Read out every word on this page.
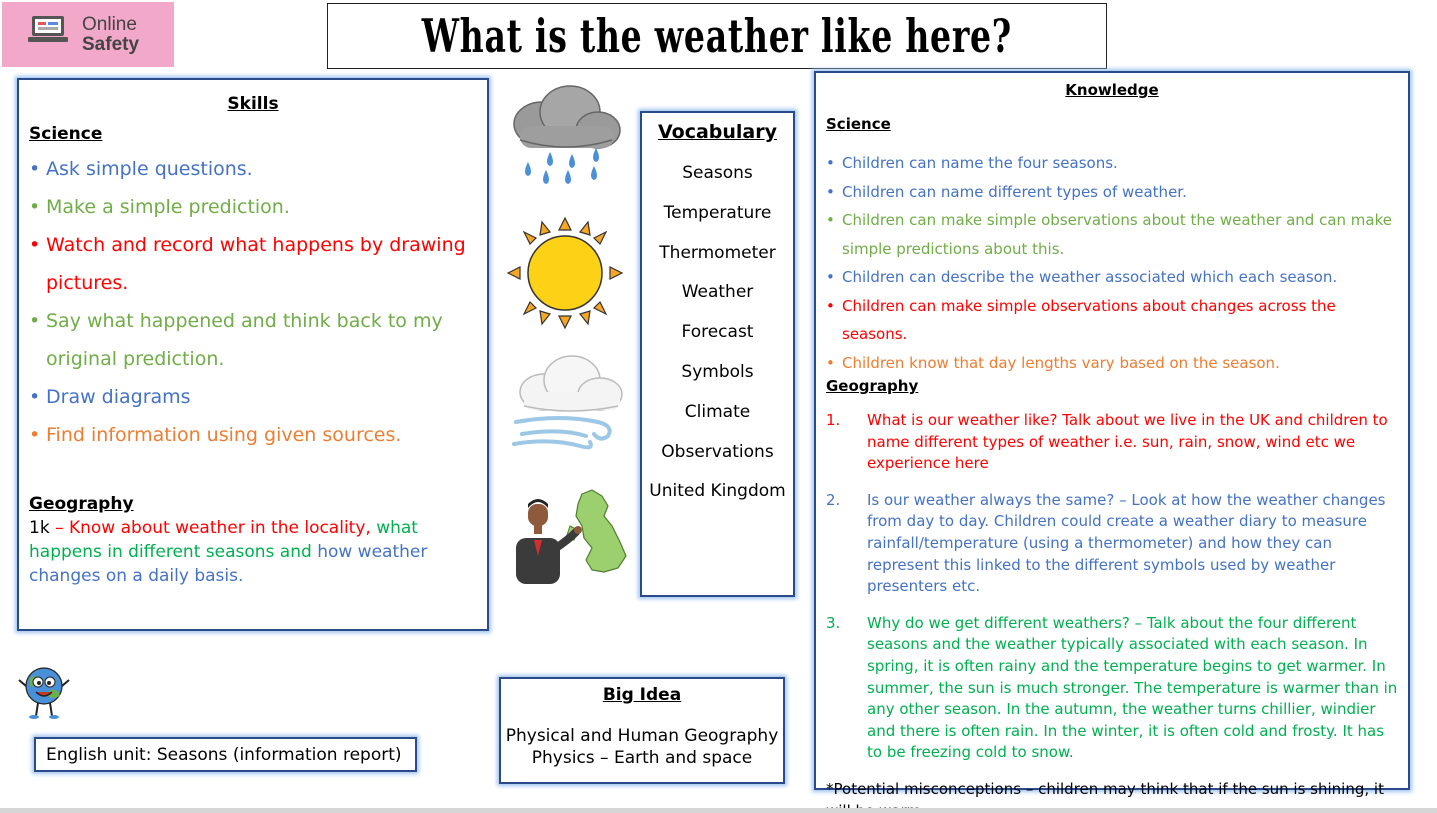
Online
Safety	What is the weather like here?
Skills
Science
• Ask simple questions.
• Make a simple prediction.
• Watch and record what happens by drawing pictures.
• Say what happened and think back to my original prediction.
• Draw diagrams
• Find information using given sources.
Geography
1k – Know about weather in the locality, what happens in different seasons and how weather changes on a daily basis.
Vocabulary
Seasons
Temperature
Thermometer
Weather
Forecast
Symbols
Climate
Observations
United Kingdom
Big Idea
Physical and Human Geography
Physics – Earth and space
English unit: Seasons (information report)
Knowledge
Science
• Children can name the four seasons.
• Children can name different types of weather.
• Children can make simple observations about the weather and can make simple predictions about this.
• Children can describe the weather associated which each season.
• Children can make simple observations about changes across the seasons.
• Children know that day lengths vary based on the season.
Geography
1. What is our weather like? Talk about we live in the UK and children to name different types of weather i.e. sun, rain, snow, wind etc we experience here
2. Is our weather always the same? – Look at how the weather changes from day to day. Children could create a weather diary to measure rainfall/temperature (using a thermometer) and how they can represent this linked to the different symbols used by weather presenters etc.
3. Why do we get different weathers? – Talk about the four different seasons and the weather typically associated with each season. In spring, it is often rainy and the temperature begins to get warmer. In summer, the sun is much stronger. The temperature is warmer than in any other season. In the autumn, the weather turns chillier, windier and there is often rain. In the winter, it is often cold and frosty. It has to be freezing cold to snow.
*Potential misconceptions – children may think that if the sun is shining, it
